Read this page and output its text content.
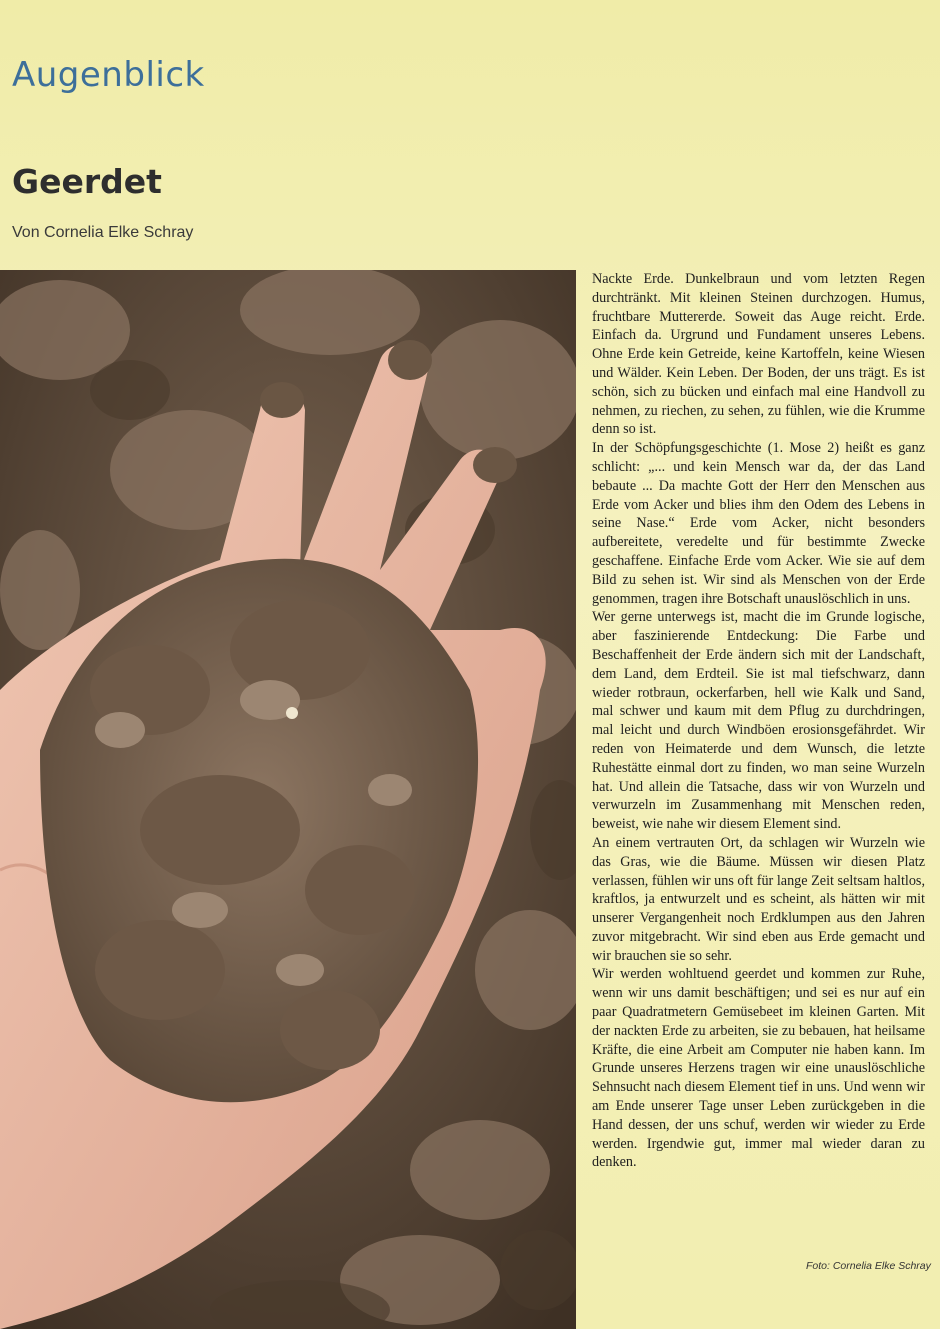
Augenblick
Geerdet
Von Cornelia Elke Schray

Nackte Erde. Dunkelbraun und vom letzten Regen durchtränkt. Mit kleinen Steinen durchzogen. Humus, fruchtbare Muttererde. Soweit das Auge reicht. Erde. Einfach da. Urgrund und Fundament unseres Lebens. Ohne Erde kein Getreide, keine Kartoffeln, keine Wiesen und Wälder. Kein Leben. Der Boden, der uns trägt. Es ist schön, sich zu bücken und einfach mal eine Handvoll zu nehmen, zu riechen, zu sehen, zu fühlen, wie die Krumme denn so ist.

In der Schöpfungsgeschichte (1. Mose 2) heißt es ganz schlicht: „... und kein Mensch war da, der das Land bebaute ... Da machte Gott der Herr den Menschen aus Erde vom Acker und blies ihm den Odem des Lebens in seine Nase.“ Erde vom Acker, nicht besonders aufbereitete, veredelte und für bestimmte Zwecke geschaffene. Einfache Erde vom Acker. Wie sie auf dem Bild zu sehen ist. Wir sind als Menschen von der Erde genommen, tragen ihre Botschaft unauslöschlich in uns.

Wer gerne unterwegs ist, macht die im Grunde logische, aber faszinierende Entdeckung: Die Farbe und Beschaffenheit der Erde ändern sich mit der Landschaft, dem Land, dem Erdteil. Sie ist mal tiefschwarz, dann wieder rotbraun, ockerfarben, hell wie Kalk und Sand, mal schwer und kaum mit dem Pflug zu durchdringen, mal leicht und durch Windböen erosionsgefährdet. Wir reden von Heimaterde und dem Wunsch, die letzte Ruhestätte einmal dort zu finden, wo man seine Wurzeln hat. Und allein die Tatsache, dass wir von Wurzeln und verwurzeln im Zusammenhang mit Menschen reden, beweist, wie nahe wir diesem Element sind.

An einem vertrauten Ort, da schlagen wir Wurzeln wie das Gras, wie die Bäume. Müssen wir diesen Platz verlassen, fühlen wir uns oft für lange Zeit seltsam haltlos, kraftlos, ja entwurzelt und es scheint, als hätten wir mit unserer Vergangenheit noch Erdklumpen aus den Jahren zuvor mitgebracht. Wir sind eben aus Erde gemacht und wir brauchen sie so sehr.

Wir werden wohltuend geerdet und kommen zur Ruhe, wenn wir uns damit beschäftigen; und sei es nur auf ein paar Quadratmetern Gemüsebeet im kleinen Garten. Mit der nackten Erde zu arbeiten, sie zu bebauen, hat heilsame Kräfte, die eine Arbeit am Computer nie haben kann. Im Grunde unseres Herzens tragen wir eine unauslöschliche Sehnsucht nach diesem Element tief in uns. Und wenn wir am Ende unserer Tage unser Leben zurückgeben in die Hand dessen, der uns schuf, werden wir wieder zu Erde werden. Irgendwie gut, immer mal wieder daran zu denken.

Foto: Cornelia Elke Schray
